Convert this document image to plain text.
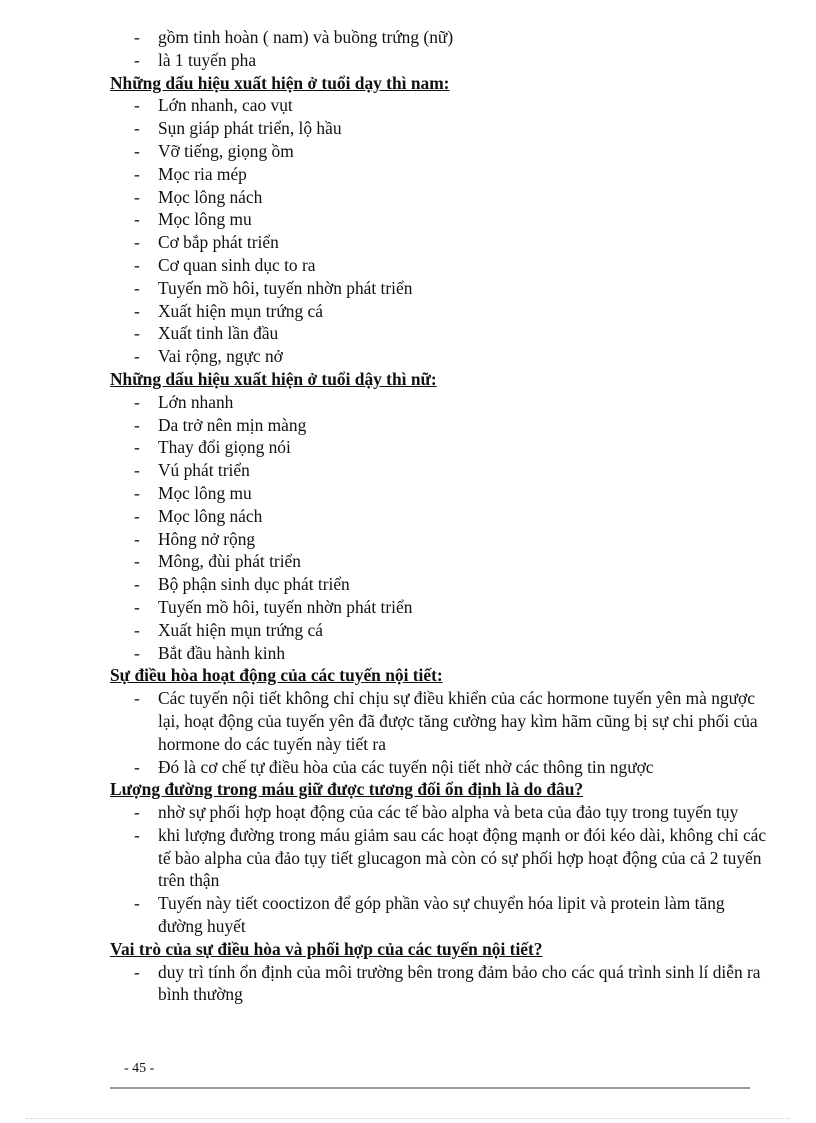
- gồm tinh hoàn ( nam) và buồng trứng (nữ)
- là 1 tuyến pha
Những dấu hiệu xuất hiện ở tuổi dạy thì nam:
- Lớn nhanh, cao vụt
- Sụn giáp phát triển, lộ hầu
- Vỡ tiếng, giọng ồm
- Mọc ria mép
- Mọc lông nách
- Mọc lông mu
- Cơ bắp phát triển
- Cơ quan sinh dục to ra
- Tuyến mồ hôi, tuyến nhờn phát triển
- Xuất hiện mụn trứng cá
- Xuất tinh lần đầu
- Vai rộng, ngực nở
Những dấu hiệu xuất hiện ở tuổi dậy thì nữ:
- Lớn nhanh
- Da trở nên mịn màng
- Thay đổi giọng nói
- Vú phát triển
- Mọc lông mu
- Mọc lông nách
- Hông nở rộng
- Mông, đùi phát triển
- Bộ phận sinh dục phát triển
- Tuyến mồ hôi, tuyến nhờn phát triển
- Xuất hiện mụn trứng cá
- Bắt đầu hành kinh
Sự điều hòa hoạt động của các tuyến nội tiết:
- Các tuyến nội tiết không chỉ chịu sự điều khiển của các hormone tuyến yên mà ngược lại, hoạt động của tuyến yên đã được tăng cường hay kìm hãm cũng bị sự chi phối của hormone do các tuyến này tiết ra
- Đó là cơ chế tự điều hòa của các tuyến nội tiết nhờ các thông tin ngược
Lượng đường trong máu giữ được tương đối ổn định là do đâu?
- nhờ sự phối hợp hoạt động của các tế bào alpha và beta của đảo tụy trong tuyến tụy
- khi lượng đường trong máu giảm sau các hoạt động mạnh or đói kéo dài, không chỉ các tế bào alpha của đảo tụy tiết glucagon mà còn có sự phối hợp hoạt động của cả 2 tuyến trên thận
- Tuyến này tiết cooctizon để góp phần vào sự chuyển hóa lipit và protein làm tăng đường huyết
Vai trò của sự điều hòa và phối hợp của các tuyến nội tiết?
- duy trì tính ổn định của môi trường bên trong đảm bảo cho các quá trình sinh lí diễn ra bình thường
- 45 -
